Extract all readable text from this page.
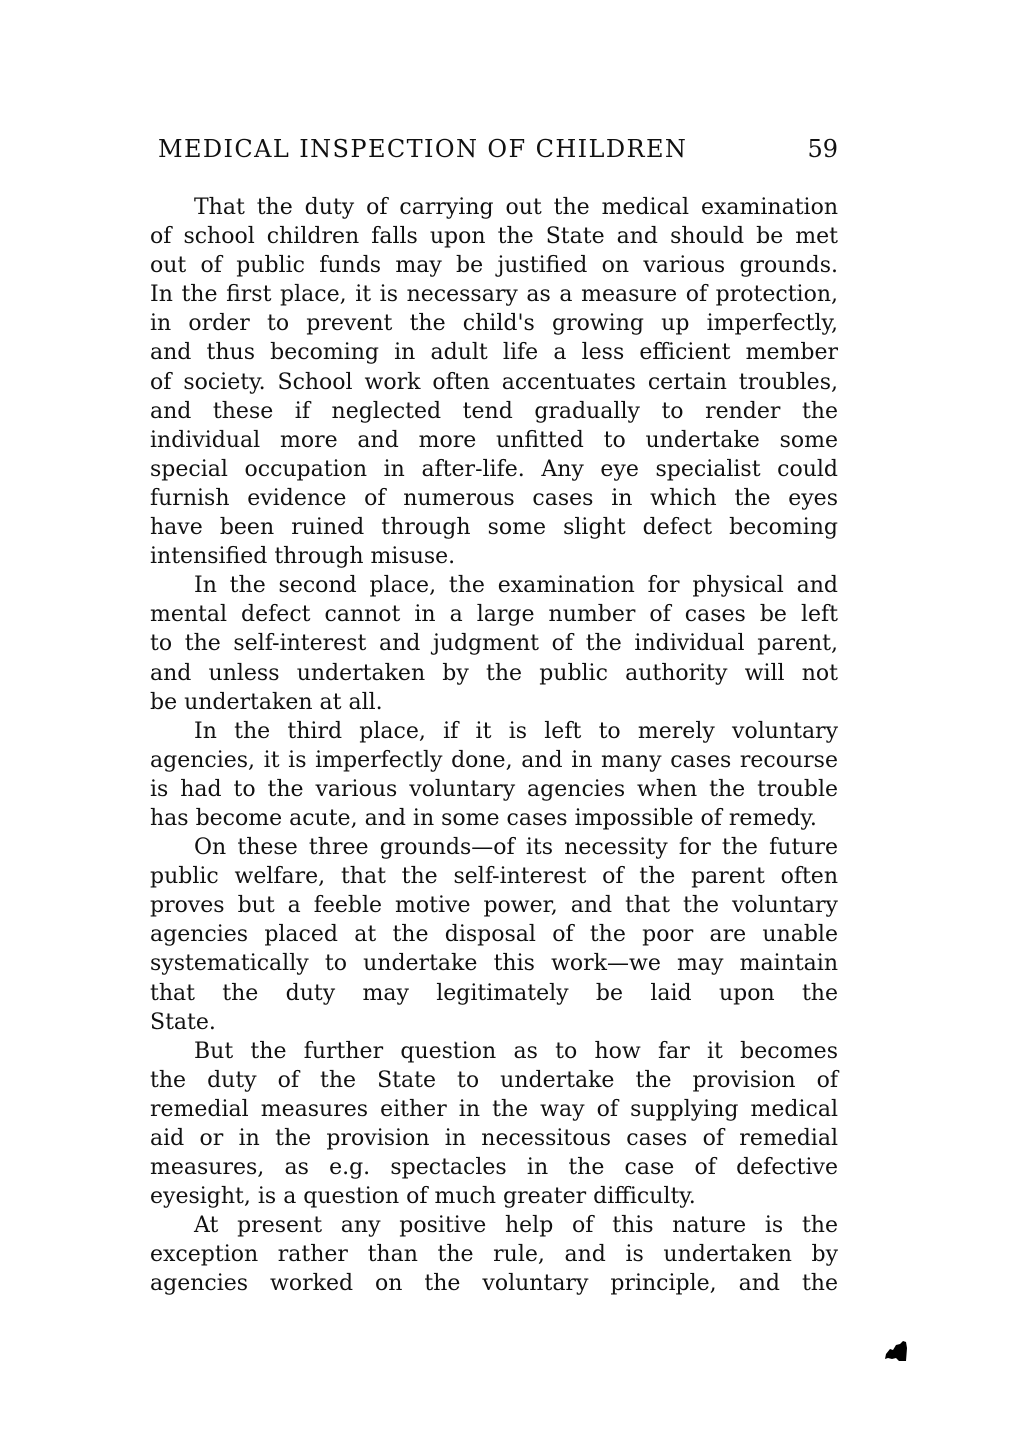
MEDICAL INSPECTION OF CHILDREN	59
That the duty of carrying out the medical examination
of school children falls upon the State and should be met
out of public funds may be justified on various grounds.
In the first place, it is necessary as a measure of protection,
in order to prevent the child's growing up imperfectly,
and thus becoming in adult life a less efficient member
of society. School work often accentuates certain troubles,
and these if neglected tend gradually to render the
individual more and more unfitted to undertake some
special occupation in after-life. Any eye specialist could
furnish evidence of numerous cases in which the eyes
have been ruined through some slight defect becoming
intensified through misuse.
In the second place, the examination for physical and
mental defect cannot in a large number of cases be left
to the self-interest and judgment of the individual parent,
and unless undertaken by the public authority will not
be undertaken at all.
In the third place, if it is left to merely voluntary
agencies, it is imperfectly done, and in many cases recourse
is had to the various voluntary agencies when the trouble
has become acute, and in some cases impossible of remedy.
On these three grounds—of its necessity for the future
public welfare, that the self-interest of the parent often
proves but a feeble motive power, and that the voluntary
agencies placed at the disposal of the poor are unable
systematically to undertake this work—we may maintain
that the duty may legitimately be laid upon the
State.
But the further question as to how far it becomes
the duty of the State to undertake the provision of
remedial measures either in the way of supplying medical
aid or in the provision in necessitous cases of remedial
measures, as e.g. spectacles in the case of defective
eyesight, is a question of much greater difficulty.
At present any positive help of this nature is the
exception rather than the rule, and is undertaken by
agencies worked on the voluntary principle, and the
